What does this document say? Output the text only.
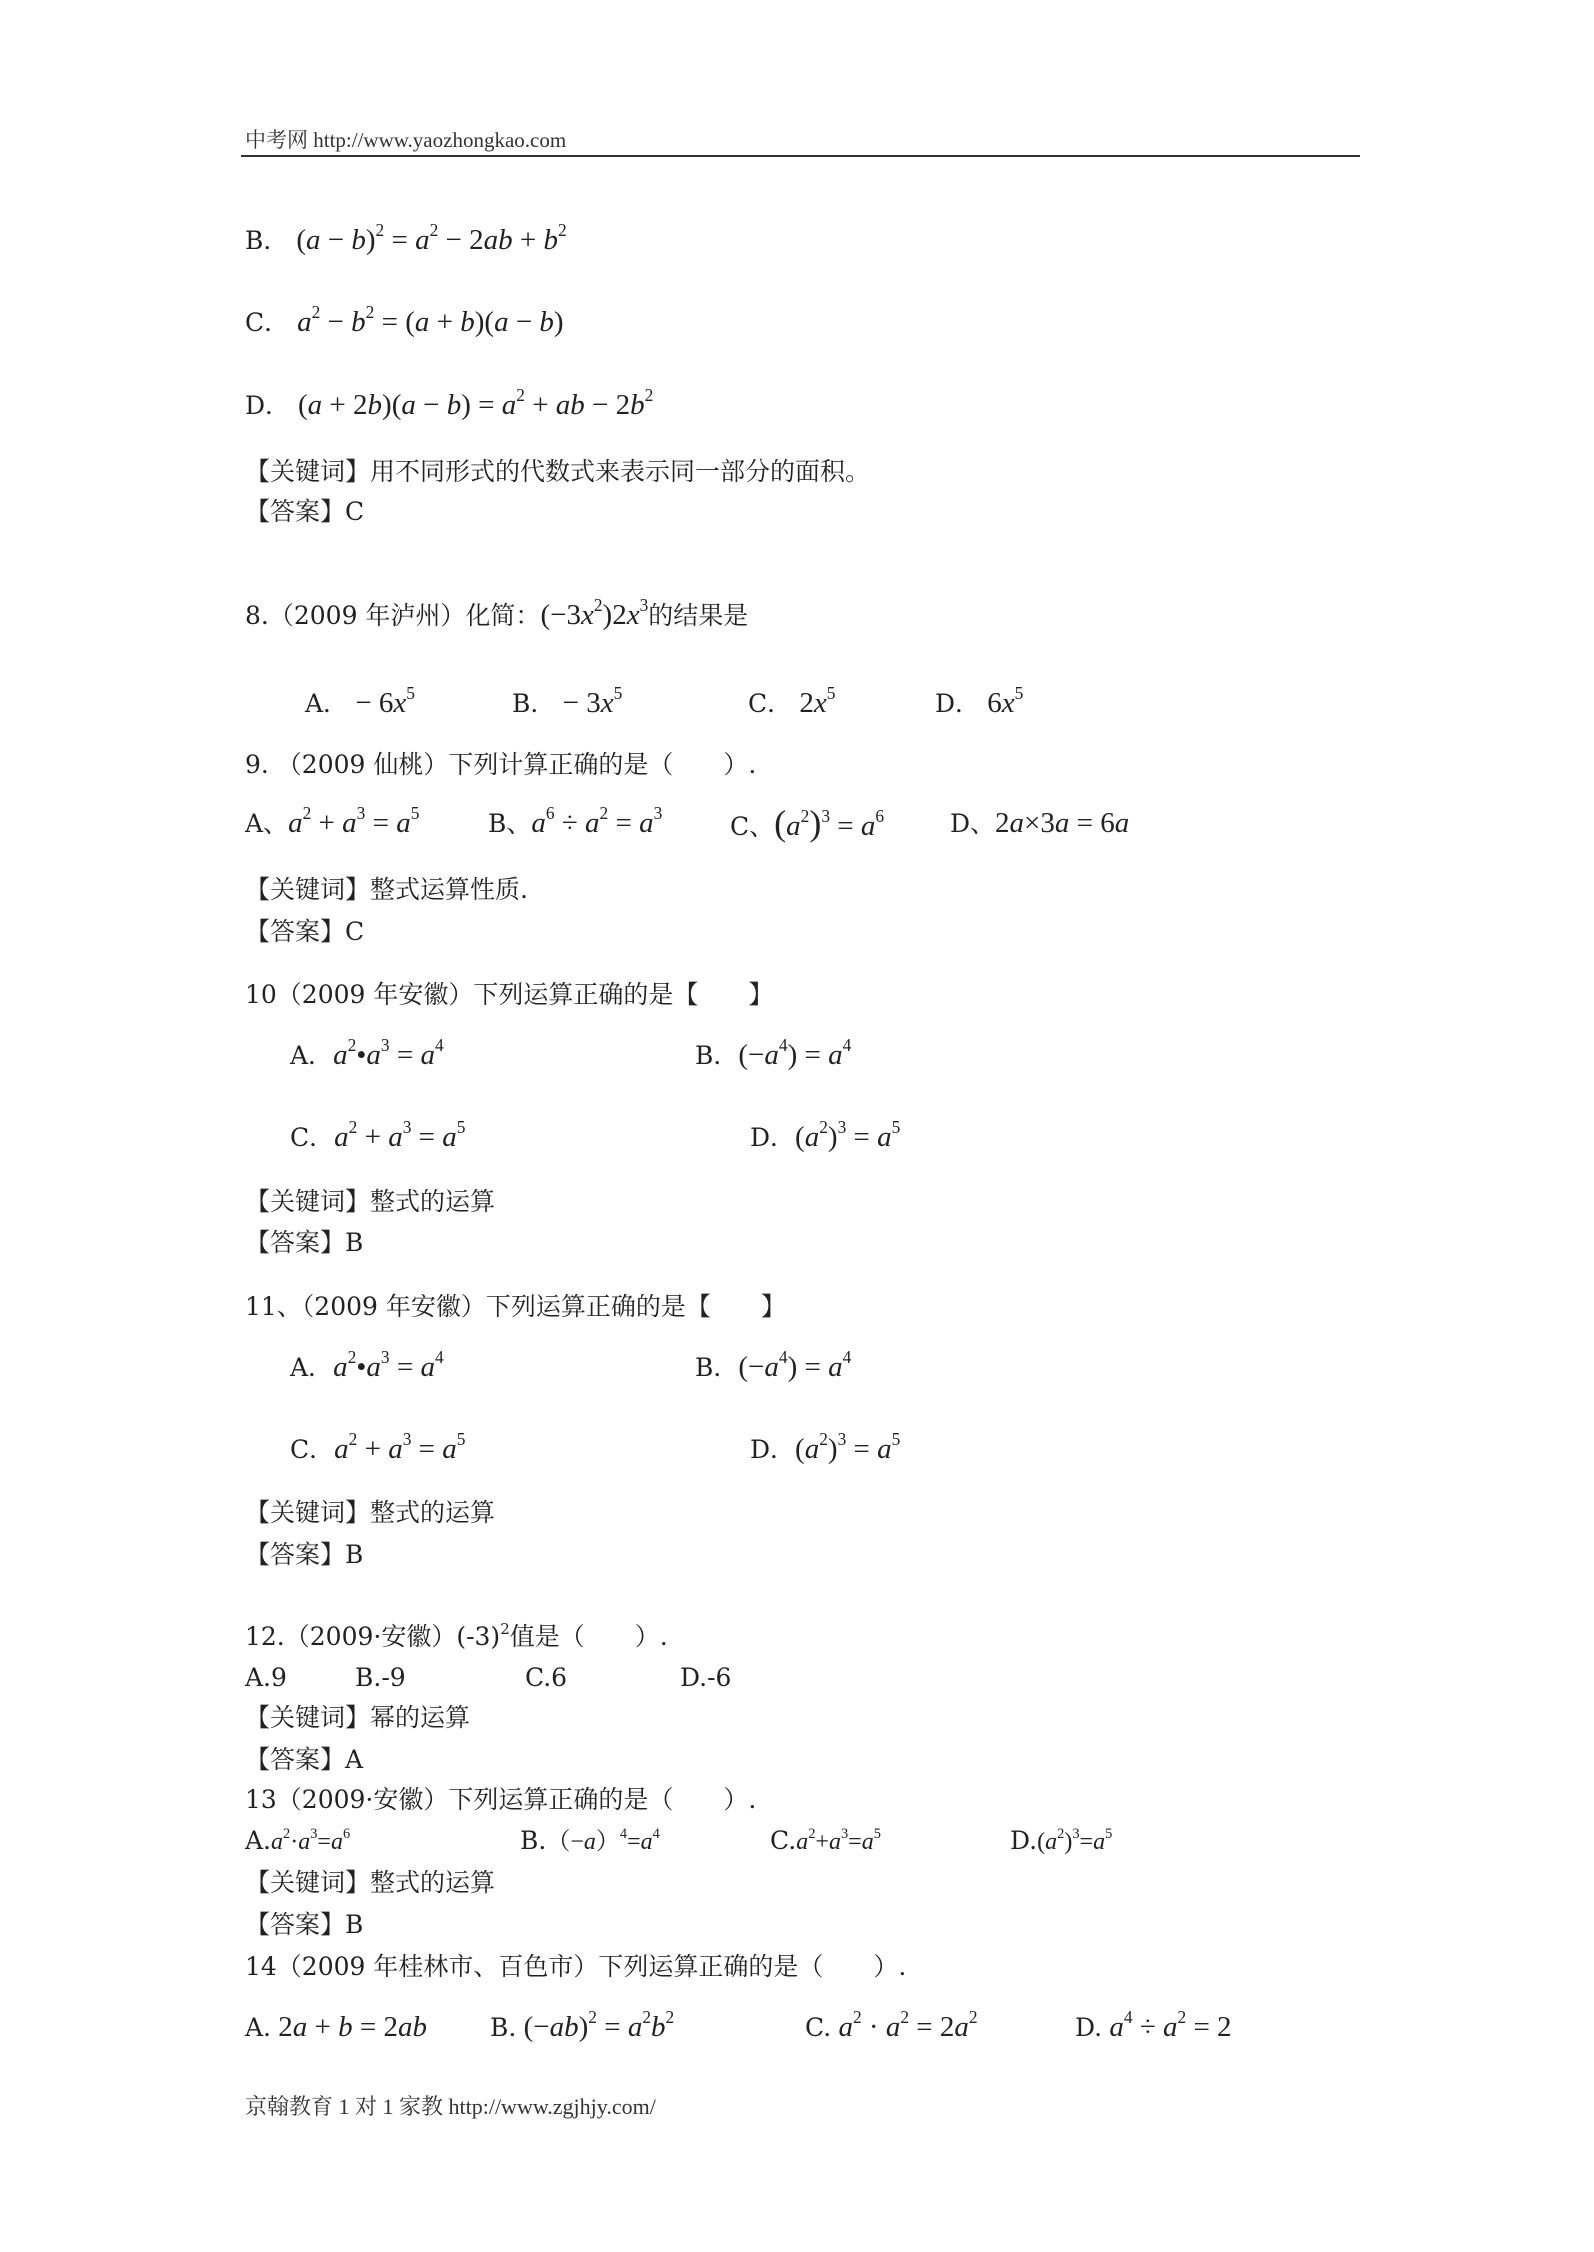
中考网 http://www.yaozhongkao.com
B． $(a - b)^2 = a^2 - 2ab + b^2$
C． $a^2 - b^2 = (a + b)(a - b)$
D． $(a + 2b)(a - b) = a^2$ + ab − $2b^2$
【关键词】用不同形式的代数式来表示同一部分的面积。
【答案】C
8.（2009 年泸州）化简：$(-3x^2)2x^3$的结果是
A． − $6x^5$	B． − $3x^5$	C． $2x^5$	D． $6x^5$
9. （2009 仙桃）下列计算正确的是（　　）.
A、$a^2 + a^3 = a^5$	B、$a^6 \div a^2 = a^3$	C、$(a^2)^3 = a^6$	D、2a×3a = 6a
【关键词】整式运算性质.
【答案】C
10（2009 年安徽）下列运算正确的是【　　】
A．$a^2•a^3 = a^4$	B．$(-a^4) = a^4$
C．$a^2 + a^3 = a^5$	D．$(a^2)^3 = a^5$
【关键词】整式的运算
【答案】B
11、（2009 年安徽）下列运算正确的是【　　】
A．$a^2•a^3 = a^4$	B．$(-a^4) = a^4$
C．$a^2 + a^3 = a^5$	D．$(a^2)^3 = a^5$
【关键词】整式的运算
【答案】B
12.（2009·安徽）$(-3)^2$值是（　　）.
A.9	B.-9	C.6	D.-6
【关键词】幂的运算
【答案】A
13（2009·安徽）下列运算正确的是（　　）.
$A.a^2\cdot a^3=a^6$	$B.(-a)^4=a^4$	$C.a^2+a^3=a^5$	$D.(a^2)^3=a^5$
【关键词】整式的运算
【答案】B
14（2009 年桂林市、百色市）下列运算正确的是（　　）.
A. 2a + b = 2ab	B. $(-ab)^2 = a^2b^2$	C. $a^2 \cdot a^2 = 2a^2$	D. $a^4 \div a^2 = 2$
京翰教育 1 对 1 家教 http://www.zgjhjy.com/
